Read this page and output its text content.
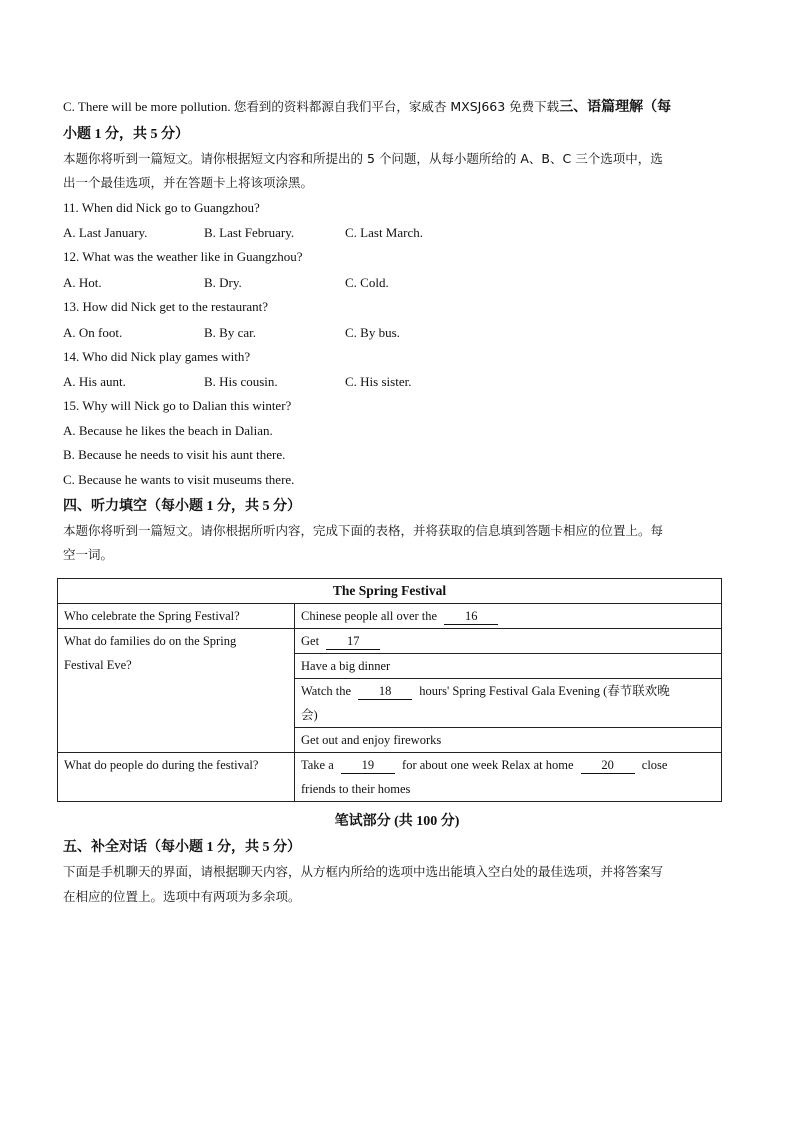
C. There will be more pollution. 您看到的资料都源自我们平台，家威杏 MXSJ663 免费下载三、语篇理解（每
小题 1 分，共 5 分）
本题你将听到一篇短文。请你根据短文内容和所提出的 5 个问题，从每小题所给的 A、B、C 三个选项中，选
出一个最佳选项，并在答题卡上将该项涂黑。
11. When did Nick go to Guangzhou?
A. Last January.	B. Last February.	C. Last March.
12. What was the weather like in Guangzhou?
A. Hot.	B. Dry.	C. Cold.
13. How did Nick get to the restaurant?
A. On foot.	B. By car.	C. By bus.
14. Who did Nick play games with?
A. His aunt.	B. His cousin.	C. His sister.
15. Why will Nick go to Dalian this winter?
A. Because he likes the beach in Dalian.
B. Because he needs to visit his aunt there.
C. Because he wants to visit museums there.
四、听力填空（每小题 1 分，共 5 分）
本题你将听到一篇短文。请你根据所听内容，完成下面的表格，并将获取的信息填到答题卡相应的位置上。每
空一词。
The Spring Festival	
Who celebrate the Spring Festival?	Chinese people all over the 16

What do families do on the Spring
Festival Eve?	Get 17
	Have a big dinner
	Watch the 18 hours' Spring Festival Gala Evening (春节联欢晚
会)
	Get out and enjoy fireworks
What do people do during the festival?	Take a 19 for about one week Relax at home 20 close
friends to their homes
笔试部分 (共 100 分)
五、补全对话（每小题 1 分，共 5 分）
下面是手机聊天的界面，请根据聊天内容，从方框内所给的选项中选出能填入空白处的最佳选项，并将答案写
在相应的位置上。选项中有两项为多余项。
